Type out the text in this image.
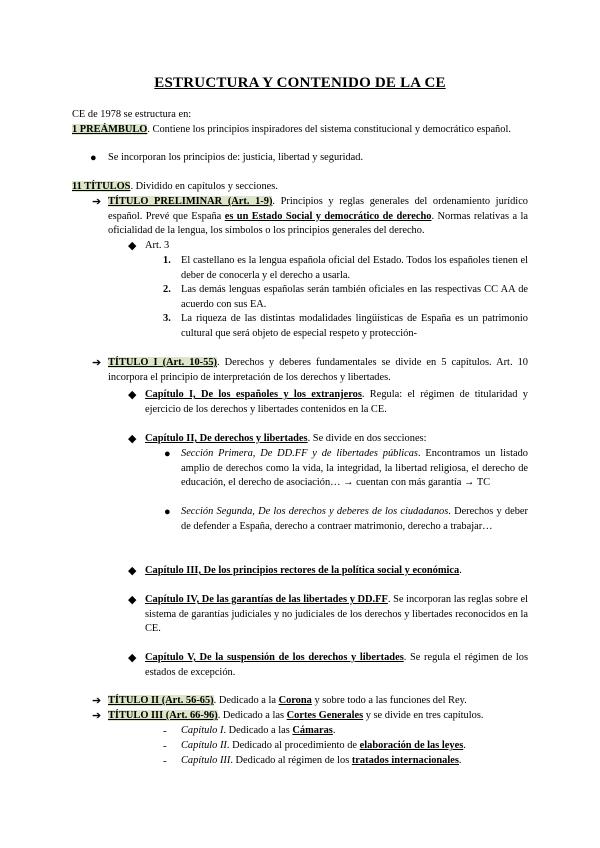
ESTRUCTURA Y CONTENIDO DE LA CE
CE de 1978 se estructura en:
1 PREÁMBULO. Contiene los principios inspiradores del sistema constitucional y democrático español.
● Se incorporan los principios de: justicia, libertad y seguridad.
11 TÍTULOS. Dividido en capítulos y secciones.
➔ TÍTULO PRELIMINAR (Art. 1-9). Principios y reglas generales del ordenamiento jurídico español. Prevé que España es un Estado Social y democrático de derecho. Normas relativas a la oficialidad de la lengua, los símbolos o los principios generales del derecho.
◆ Art. 3
1. El castellano es la lengua española oficial del Estado. Todos los españoles tienen el deber de conocerla y el derecho a usarla.
2. Las demás lenguas españolas serán también oficiales en las respectivas CC AA de acuerdo con sus EA.
3. La riqueza de las distintas modalidades lingüísticas de España es un patrimonio cultural que será objeto de especial respeto y protección-
➔ TÍTULO I (Art. 10-55). Derechos y deberes fundamentales se divide en 5 capítulos. Art. 10 incorpora el principio de interpretación de los derechos y libertades.
◆ Capítulo I, De los españoles y los extranjeros. Regula: el régimen de titularidad y ejercicio de los derechos y libertades contenidos en la CE.
◆ Capítulo II, De derechos y libertades. Se divide en dos secciones:
● Sección Primera, De DD.FF y de libertades públicas. Encontramos un listado amplio de derechos como la vida, la integridad, la libertad religiosa, el derecho de educación, el derecho de asociación… → cuentan con más garantía → TC
● Sección Segunda, De los derechos y deberes de los ciudadanos. Derechos y deber de defender a España, derecho a contraer matrimonio, derecho a trabajar…
◆ Capítulo III, De los principios rectores de la política social y económica.
◆ Capítulo IV, De las garantías de las libertades y DD.FF. Se incorporan las reglas sobre el sistema de garantías judiciales y no judiciales de los derechos y libertades reconocidos en la CE.
◆ Capítulo V, De la suspensión de los derechos y libertades. Se regula el régimen de los estados de excepción.
➔ TÍTULO II (Art. 56-65). Dedicado a la Corona y sobre todo a las funciones del Rey.
➔ TÍTULO III (Art. 66-96). Dedicado a las Cortes Generales y se divide en tres capítulos.
- Capítulo I. Dedicado a las Cámaras.
- Capítulo II. Dedicado al procedimiento de elaboración de las leyes.
- Capítulo III. Dedicado al régimen de los tratados internacionales.
